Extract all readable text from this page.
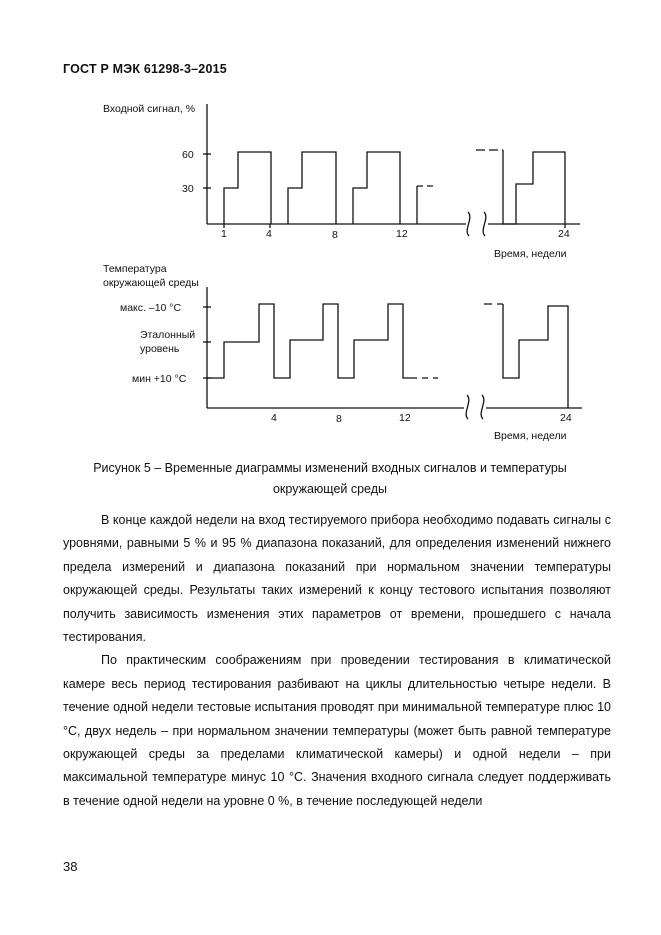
ГОСТ Р МЭК 61298-3–2015
Входной сигнал, %
60
30
1	4	8	12	24
Время, недели
Температура
окружающей среды
макс. –10 °С
Эталонный
уровень
мин +10 °С
4	8	12	24
Время, недели
Рисунок 5 – Временные диаграммы изменений входных сигналов и температуры
окружающей среды

В конце каждой недели на вход тестируемого прибора необходимо подавать сигналы с уровнями, равными 5 % и 95 % диапазона показаний, для определения изменений нижнего предела измерений и диапазона показаний при нормальном значении температуры окружающей среды. Результаты таких измерений к концу тестового испытания позволяют получить зависимость изменения этих параметров от времени, прошедшего с начала тестирования.

По практическим соображениям при проведении тестирования в климатической камере весь период тестирования разбивают на циклы длительностью четыре недели. В течение одной недели тестовые испытания проводят при минимальной температуре плюс 10 °С, двух недель – при нормальном значении температуры (может быть равной температуре окружающей среды за пределами климатической камеры) и одной недели – при максимальной температуре минус 10 °С. Значения входного сигнала следует поддерживать в течение одной недели на уровне 0 %, в течение последующей недели

38
